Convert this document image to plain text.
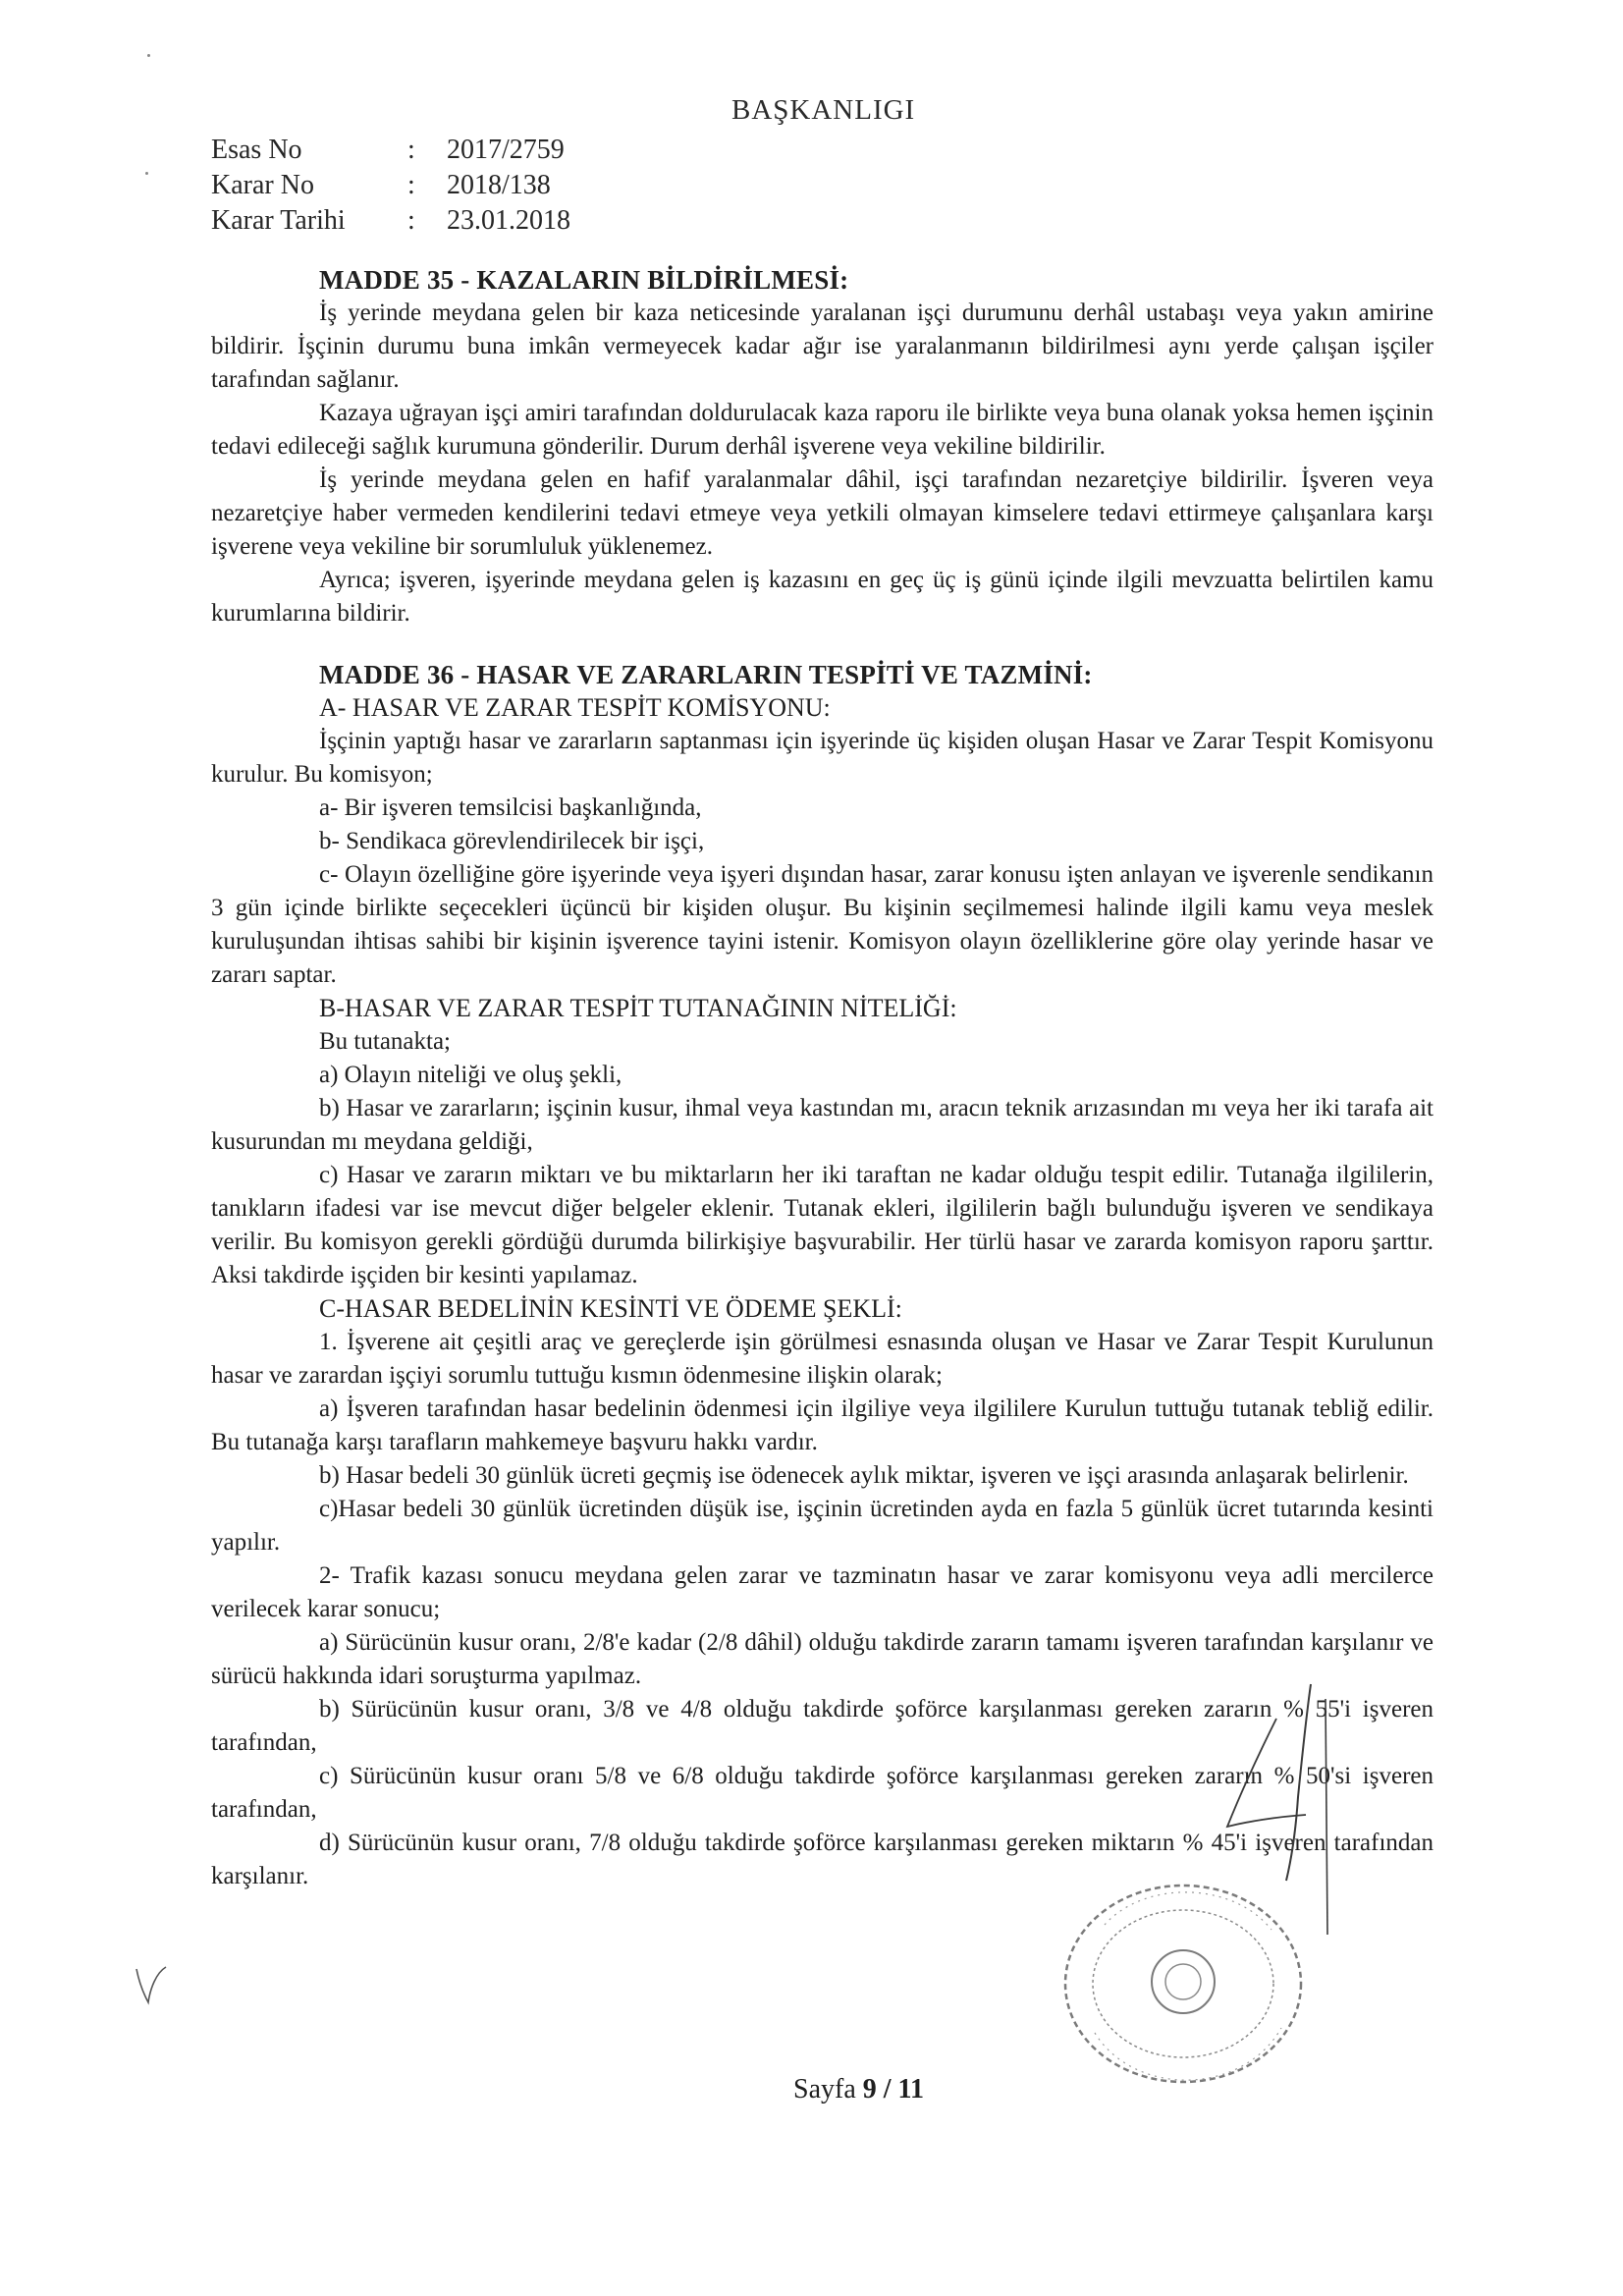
BAŞKANLIGI
Esas No	:	2017/2759
Karar No	:	2018/138
Karar Tarihi	:	23.01.2018

MADDE 35 - KAZALARIN BİLDİRİLMESİ:

İş yerinde meydana gelen bir kaza neticesinde yaralanan işçi durumunu derhâl ustabaşı veya yakın amirine bildirir. İşçinin durumu buna imkân vermeyecek kadar ağır ise yaralanmanın bildirilmesi aynı yerde çalışan işçiler tarafından sağlanır.

Kazaya uğrayan işçi amiri tarafından doldurulacak kaza raporu ile birlikte veya buna olanak yoksa hemen işçinin tedavi edileceği sağlık kurumuna gönderilir. Durum derhâl işverene veya vekiline bildirilir.

İş yerinde meydana gelen en hafif yaralanmalar dâhil, işçi tarafından nezaretçiye bildirilir. İşveren veya nezaretçiye haber vermeden kendilerini tedavi etmeye veya yetkili olmayan kimselere tedavi ettirmeye çalışanlara karşı işverene veya vekiline bir sorumluluk yüklenemez.

Ayrıca; işveren, işyerinde meydana gelen iş kazasını en geç üç iş günü içinde ilgili mevzuatta belirtilen kamu kurumlarına bildirir.

MADDE 36 - HASAR VE ZARARLARIN TESPİTİ VE TAZMİNİ:

A- HASAR VE ZARAR TESPİT KOMİSYONU:

İşçinin yaptığı hasar ve zararların saptanması için işyerinde üç kişiden oluşan Hasar ve Zarar Tespit Komisyonu kurulur. Bu komisyon;

a- Bir işveren temsilcisi başkanlığında,

b- Sendikaca görevlendirilecek bir işçi,

c- Olayın özelliğine göre işyerinde veya işyeri dışından hasar, zarar konusu işten anlayan ve işverenle sendikanın 3 gün içinde birlikte seçecekleri üçüncü bir kişiden oluşur. Bu kişinin seçilmemesi halinde ilgili kamu veya meslek kuruluşundan ihtisas sahibi bir kişinin işverence tayini istenir. Komisyon olayın özelliklerine göre olay yerinde hasar ve zararı saptar.

B-HASAR VE ZARAR TESPİT TUTANAĞININ NİTELİĞİ:

Bu tutanakta;

a) Olayın niteliği ve oluş şekli,

b) Hasar ve zararların; işçinin kusur, ihmal veya kastından mı, aracın teknik arızasından mı veya her iki tarafa ait kusurundan mı meydana geldiği,

c) Hasar ve zararın miktarı ve bu miktarların her iki taraftan ne kadar olduğu tespit edilir. Tutanağa ilgililerin, tanıkların ifadesi var ise mevcut diğer belgeler eklenir. Tutanak ekleri, ilgililerin bağlı bulunduğu işveren ve sendikaya verilir. Bu komisyon gerekli gördüğü durumda bilirkişiye başvurabilir. Her türlü hasar ve zararda komisyon raporu şarttır. Aksi takdirde işçiden bir kesinti yapılamaz.

C-HASAR BEDELİNİN KESİNTİ VE ÖDEME ŞEKLİ:

1. İşverene ait çeşitli araç ve gereçlerde işin görülmesi esnasında oluşan ve Hasar ve Zarar Tespit Kurulunun hasar ve zarardan işçiyi sorumlu tuttuğu kısmın ödenmesine ilişkin olarak;

a) İşveren tarafından hasar bedelinin ödenmesi için ilgiliye veya ilgililere Kurulun tuttuğu tutanak tebliğ edilir. Bu tutanağa karşı tarafların mahkemeye başvuru hakkı vardır.

b) Hasar bedeli 30 günlük ücreti geçmiş ise ödenecek aylık miktar, işveren ve işçi arasında anlaşarak belirlenir.

c)Hasar bedeli 30 günlük ücretinden düşük ise, işçinin ücretinden ayda en fazla 5 günlük ücret tutarında kesinti yapılır.

2- Trafik kazası sonucu meydana gelen zarar ve tazminatın hasar ve zarar komisyonu veya adli mercilerce verilecek karar sonucu;

a) Sürücünün kusur oranı, 2/8'e kadar (2/8 dâhil) olduğu takdirde zararın tamamı işveren tarafından karşılanır ve sürücü hakkında idari soruşturma yapılmaz.

b) Sürücünün kusur oranı, 3/8 ve 4/8 olduğu takdirde şoförce karşılanması gereken zararın % 55'i işveren tarafından,

c) Sürücünün kusur oranı 5/8 ve 6/8 olduğu takdirde şoförce karşılanması gereken zararın % 50'si işveren tarafından,

d) Sürücünün kusur oranı, 7/8 olduğu takdirde şoförce karşılanması gereken miktarın % 45'i işveren tarafından karşılanır.

Sayfa 9 / 11
